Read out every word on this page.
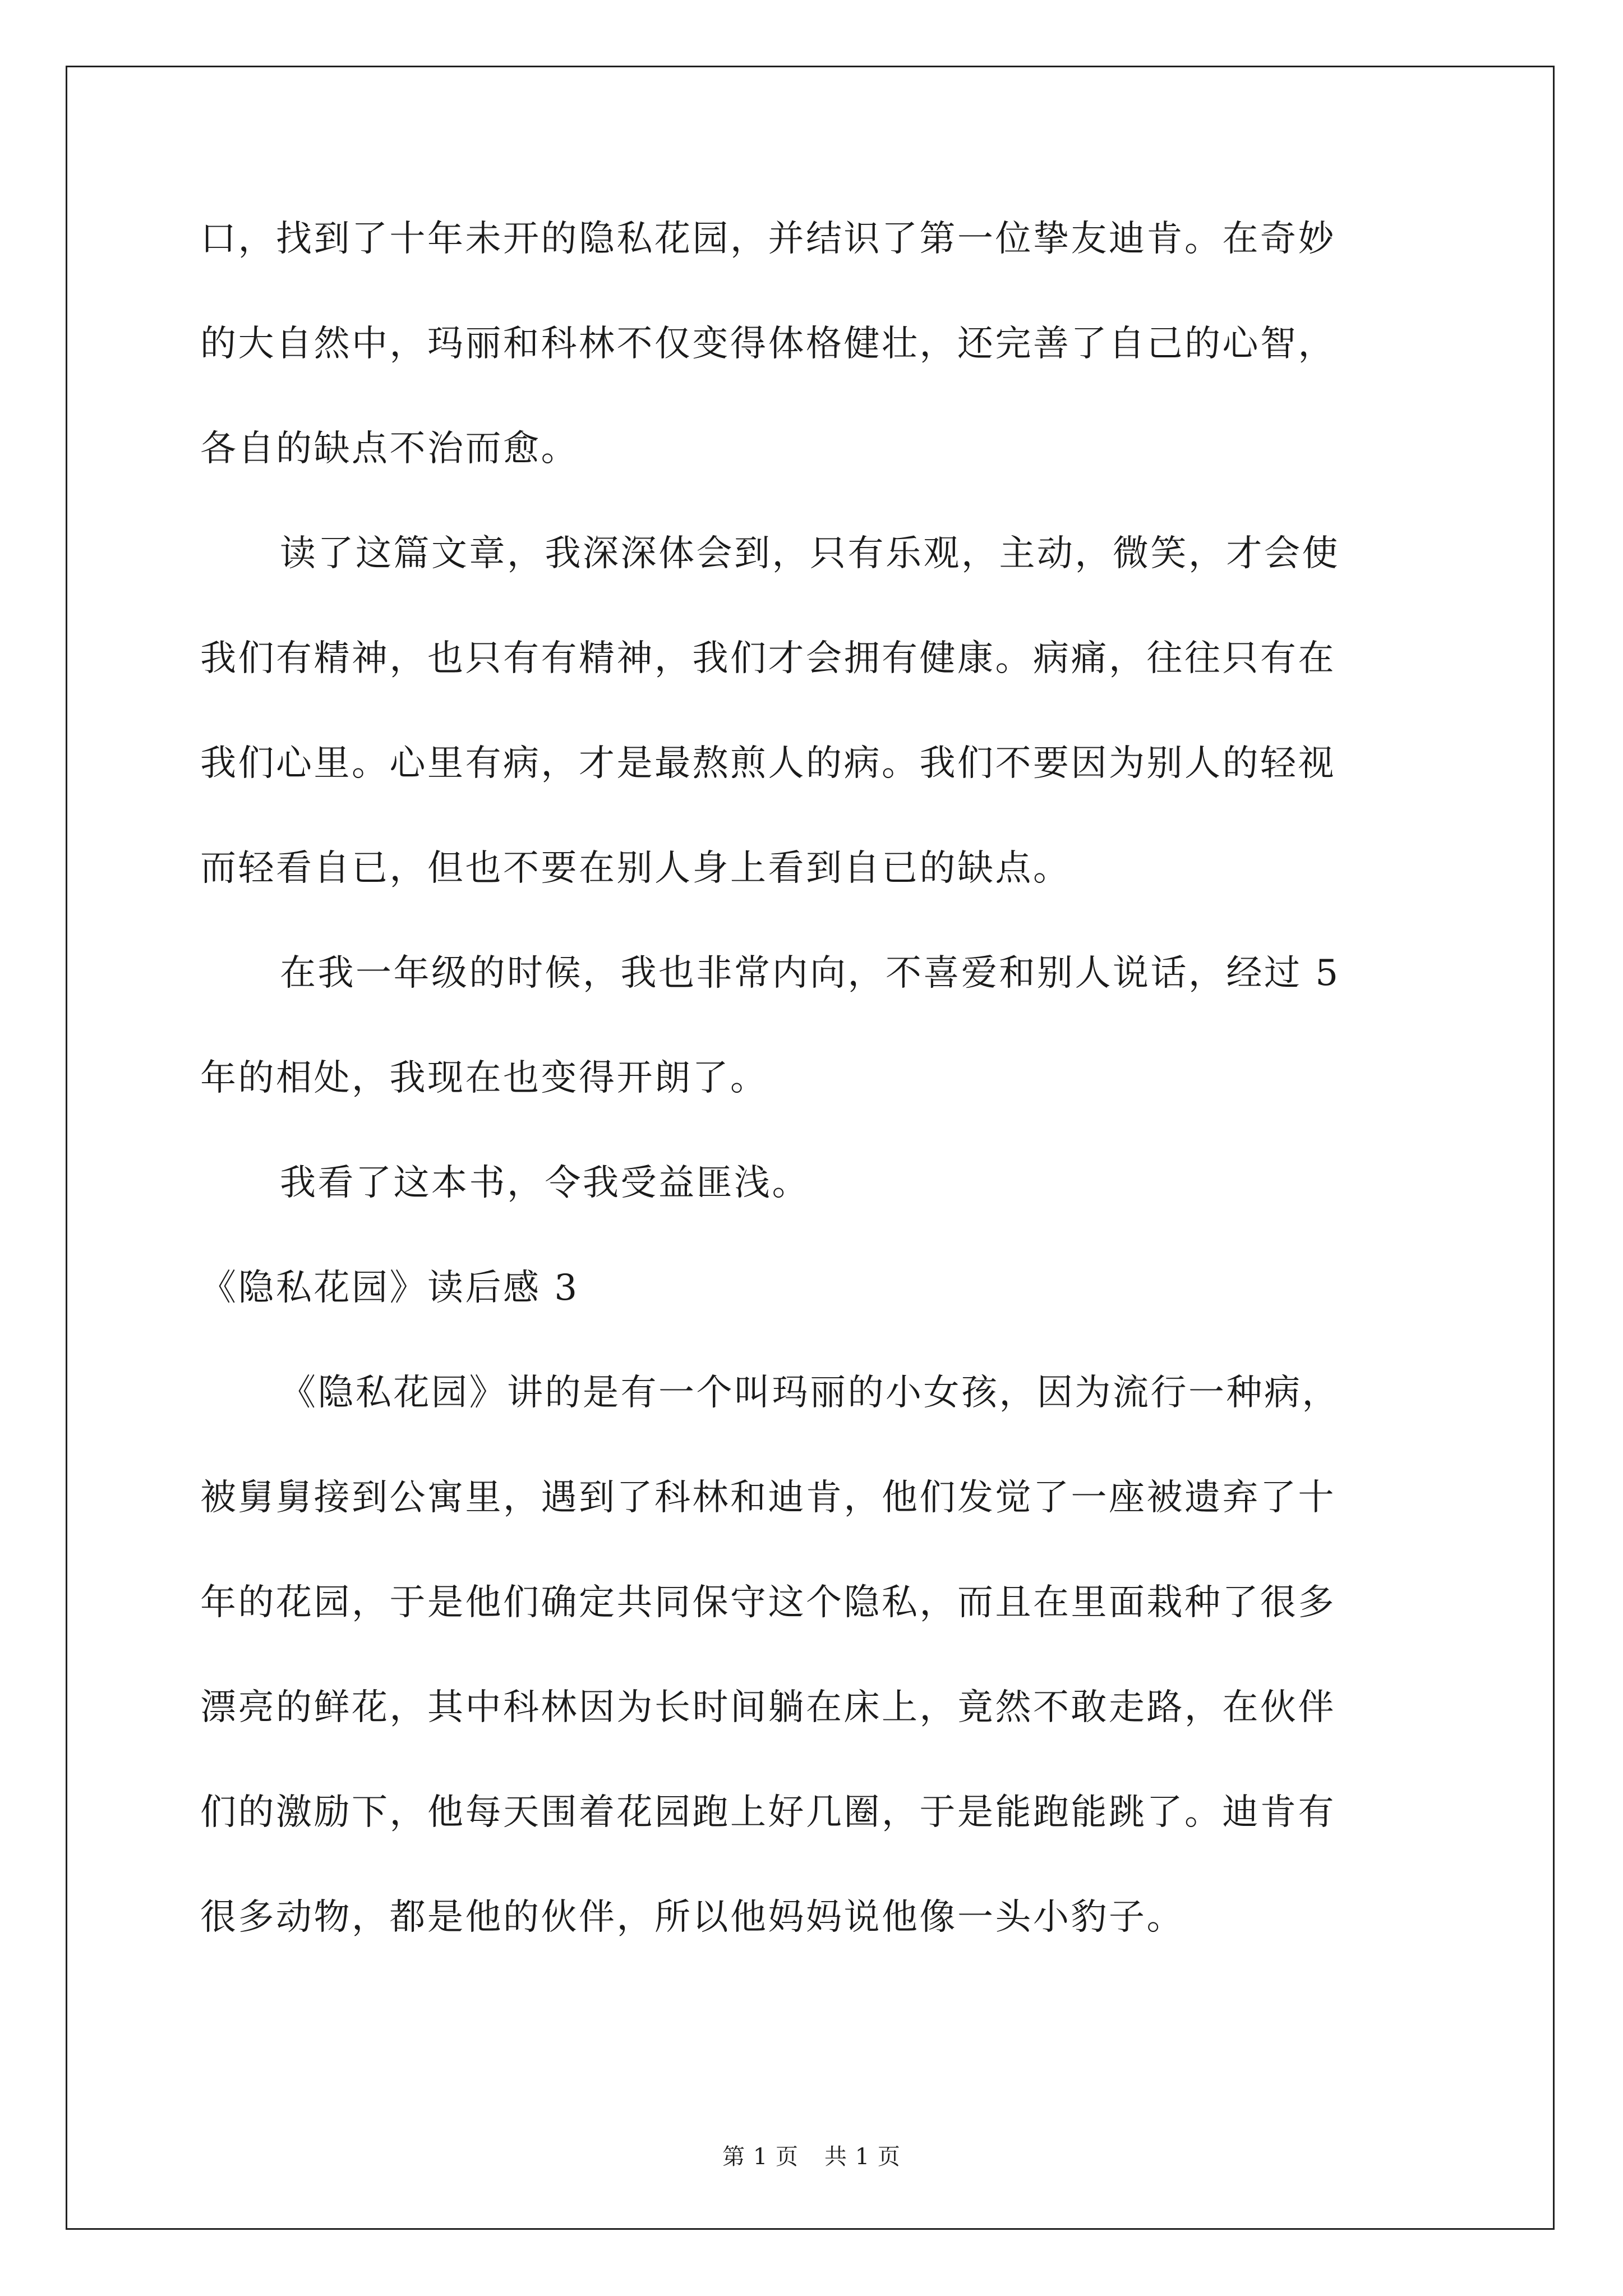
口，找到了十年未开的隐私花园，并结识了第一位挚友迪肯。在奇妙
的大自然中，玛丽和科林不仅变得体格健壮，还完善了自己的心智，
各自的缺点不治而愈。
读了这篇文章，我深深体会到，只有乐观，主动，微笑，才会使
我们有精神，也只有有精神，我们才会拥有健康。病痛，往往只有在
我们心里。心里有病，才是最熬煎人的病。我们不要因为别人的轻视
而轻看自已，但也不要在别人身上看到自已的缺点。
在我一年级的时候，我也非常内向，不喜爱和别人说话，经过 5
年的相处，我现在也变得开朗了。
我看了这本书，令我受益匪浅。
《隐私花园》读后感 3
《隐私花园》讲的是有一个叫玛丽的小女孩，因为流行一种病，
被舅舅接到公寓里，遇到了科林和迪肯，他们发觉了一座被遗弃了十
年的花园，于是他们确定共同保守这个隐私，而且在里面栽种了很多
漂亮的鲜花，其中科林因为长时间躺在床上，竟然不敢走路，在伙伴
们的激励下，他每天围着花园跑上好几圈，于是能跑能跳了。迪肯有
很多动物，都是他的伙伴，所以他妈妈说他像一头小豹子。
第 1 页 共 1 页
